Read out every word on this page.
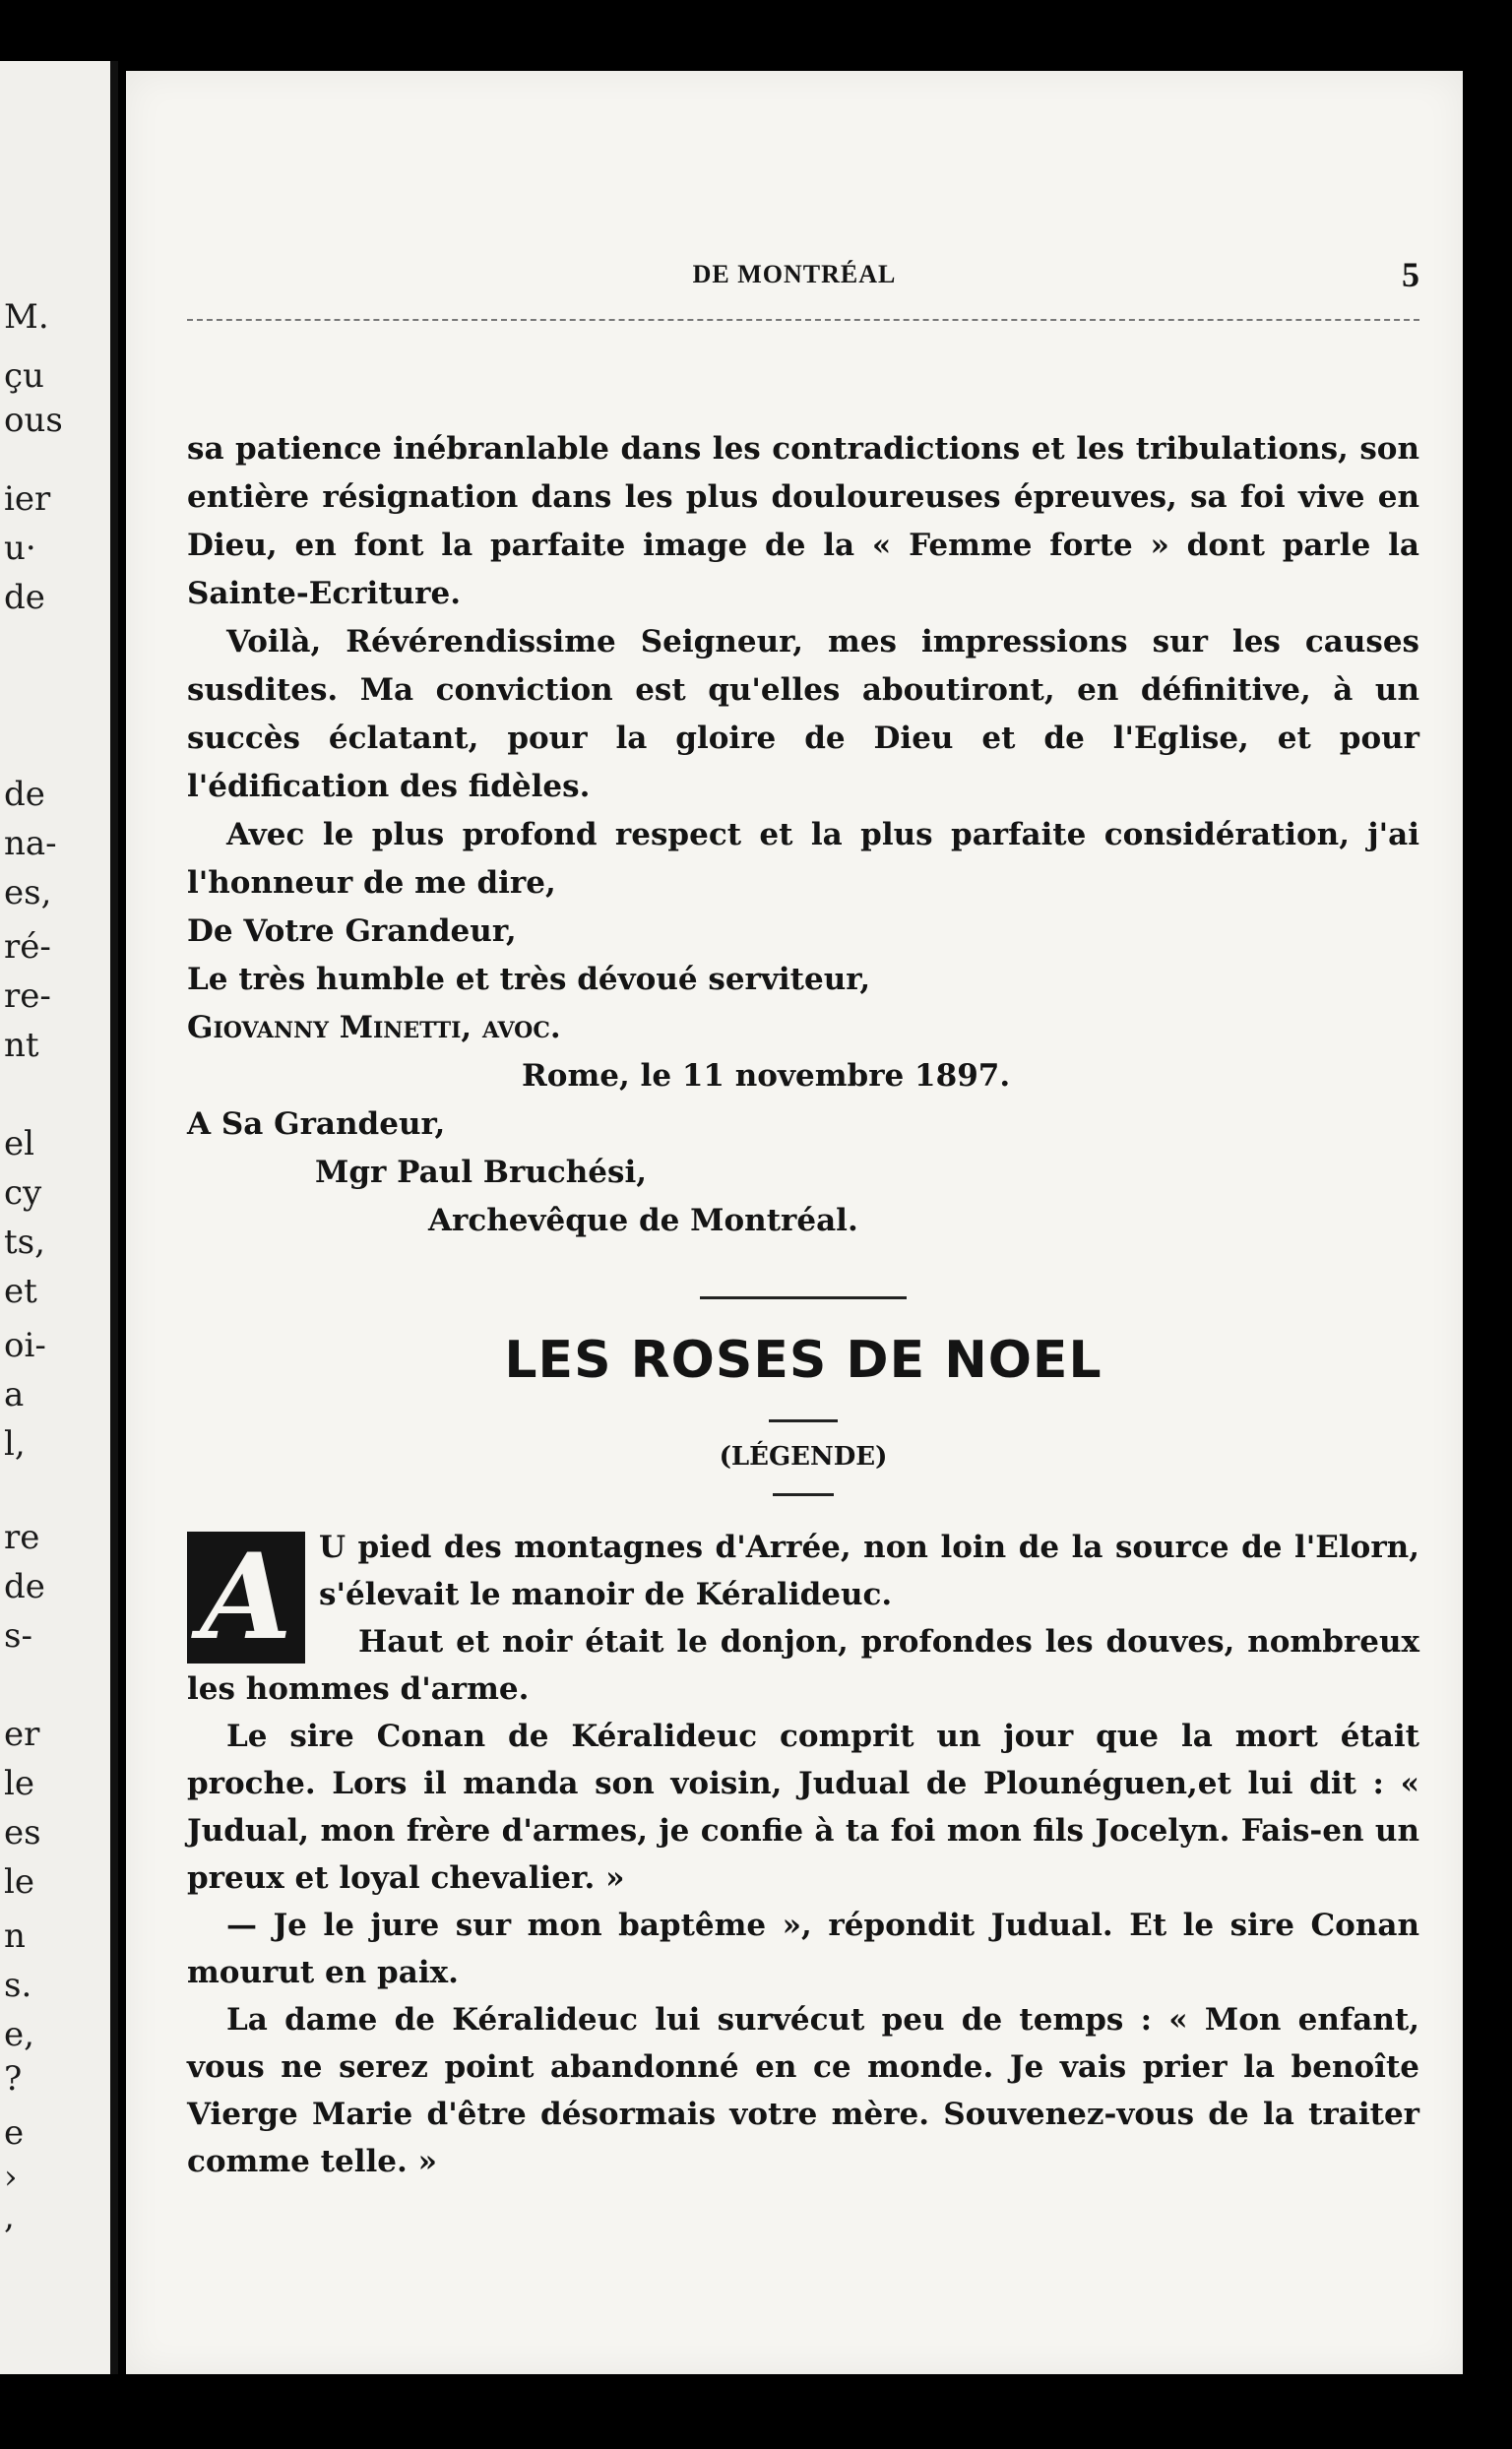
M.
çu
ous
ier
u·
de
de
na-
es,
ré-
re-
nt
el
cy
ts,
et
oi-
a
l,
re
de
s-
er
le
es
le
n
s.
e,
?
e
›
,
DE MONTRÉAL	5

sa patience inébranlable dans les contradictions et les tribulations, son entière résignation dans les plus douloureuses épreuves, sa foi vive en Dieu, en font la parfaite image de la « Femme forte » dont parle la Sainte-Ecriture.

Voilà, Révérendissime Seigneur, mes impressions sur les causes susdites. Ma conviction est qu'elles aboutiront, en définitive, à un succès éclatant, pour la gloire de Dieu et de l'Eglise, et pour l'édification des fidèles.

Avec le plus profond respect et la plus parfaite considération, j'ai l'honneur de me dire,

De Votre Grandeur,

Le très humble et très dévoué serviteur,

Giovanny Minetti, avoc.

Rome, le 11 novembre 1897.

A Sa Grandeur,

Mgr Paul Bruchési,

Archevêque de Montréal.

LES ROSES DE NOEL
(LÉGENDE)
A U pied des montagnes d'Arrée, non loin de la source de l'Elorn, s'élevait le manoir de Kéralideuc.

Haut et noir était le donjon, profondes les douves, nombreux les hommes d'arme.

Le sire Conan de Kéralideuc comprit un jour que la mort était proche. Lors il manda son voisin, Judual de Plounéguen,et lui dit : « Judual, mon frère d'armes, je confie à ta foi mon fils Jocelyn. Fais-en un preux et loyal chevalier. »

— Je le jure sur mon baptême », répondit Judual. Et le sire Conan mourut en paix.

La dame de Kéralideuc lui survécut peu de temps : « Mon enfant, vous ne serez point abandonné en ce monde. Je vais prier la benoîte Vierge Marie d'être désormais votre mère. Souvenez-vous de la traiter comme telle. »
